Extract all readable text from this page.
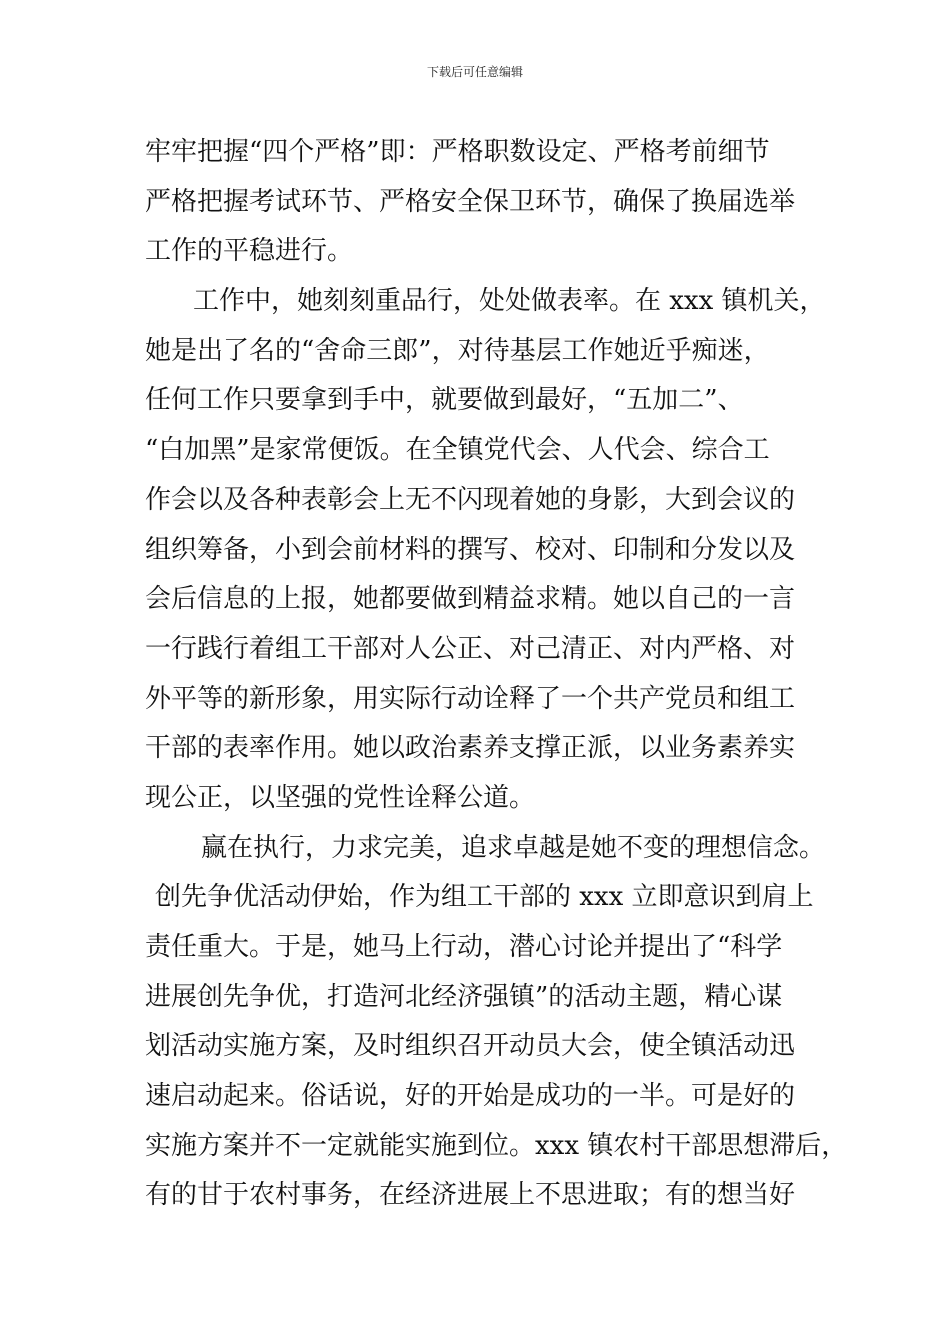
下载后可任意编辑
牢牢把握“四个严格”即：严格职数设定、严格考前细节
严格把握考试环节、严格安全保卫环节，确保了换届选举
工作的平稳进行。
工作中，她刻刻重品行，处处做表率。在 xxx 镇机关，
她是出了名的“舍命三郎”，对待基层工作她近乎痴迷，
任何工作只要拿到手中，就要做到最好，“五加二”、
“白加黑”是家常便饭。在全镇党代会、人代会、综合工
作会以及各种表彰会上无不闪现着她的身影，大到会议的
组织筹备，小到会前材料的撰写、校对、印制和分发以及
会后信息的上报，她都要做到精益求精。她以自己的一言
一行践行着组工干部对人公正、对己清正、对内严格、对
外平等的新形象，用实际行动诠释了一个共产党员和组工
干部的表率作用。她以政治素养支撑正派，以业务素养实
现公正，以坚强的党性诠释公道。
赢在执行，力求完美，追求卓越是她不变的理想信念。
创先争优活动伊始，作为组工干部的 xxx 立即意识到肩上
责任重大。于是，她马上行动，潜心讨论并提出了“科学
进展创先争优，打造河北经济强镇”的活动主题，精心谋
划活动实施方案，及时组织召开动员大会，使全镇活动迅
速启动起来。俗话说，好的开始是成功的一半。可是好的
实施方案并不一定就能实施到位。xxx 镇农村干部思想滞后，
有的甘于农村事务，在经济进展上不思进取；有的想当好
